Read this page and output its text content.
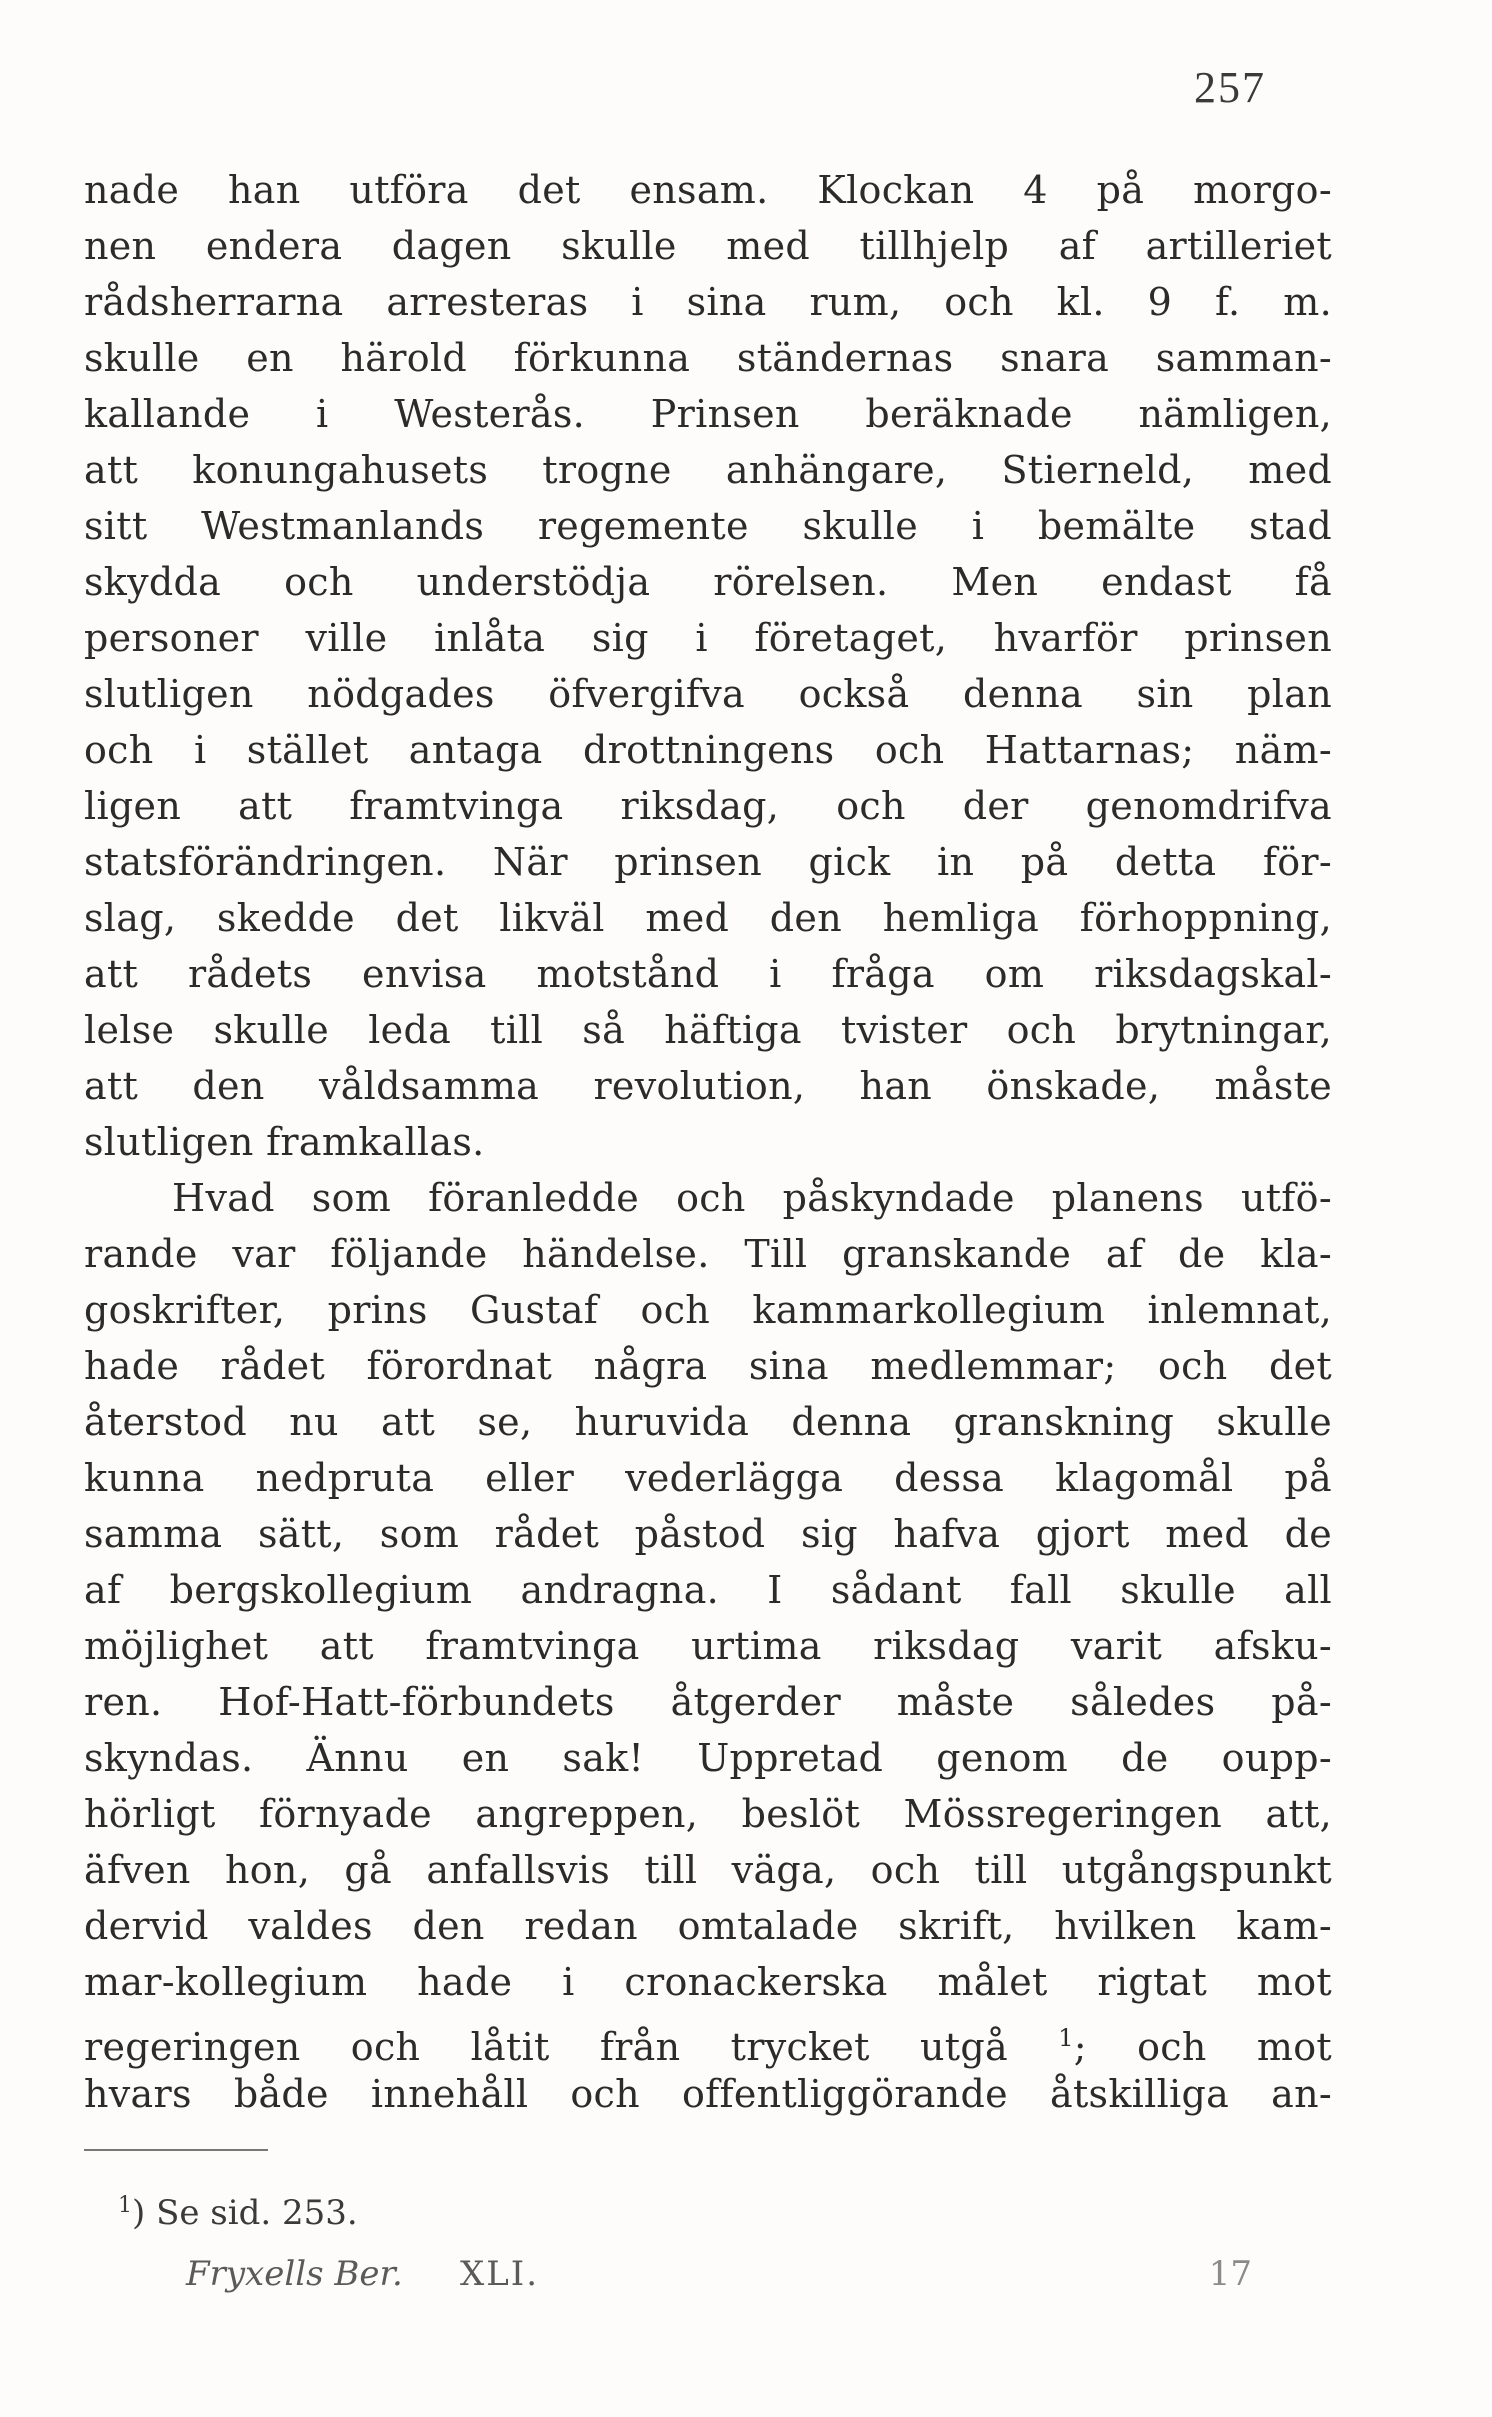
257
nade han utföra det ensam. Klockan 4 på morgo-
nen endera dagen skulle med tillhjelp af artilleriet
rådsherrarna arresteras i sina rum, och kl. 9 f. m.
skulle en härold förkunna ständernas snara samman-
kallande i Westerås. Prinsen beräknade nämligen,
att konungahusets trogne anhängare, Stierneld, med
sitt Westmanlands regemente skulle i bemälte stad
skydda och understödja rörelsen. Men endast få
personer ville inlåta sig i företaget, hvarför prinsen
slutligen nödgades öfvergifva också denna sin plan
och i stället antaga drottningens och Hattarnas; näm-
ligen att framtvinga riksdag, och der genomdrifva
statsförändringen. När prinsen gick in på detta för-
slag, skedde det likväl med den hemliga förhoppning,
att rådets envisa motstånd i fråga om riksdagskal-
lelse skulle leda till så häftiga tvister och brytningar,
att den våldsamma revolution, han önskade, måste
slutligen framkallas.
Hvad som föranledde och påskyndade planens utfö-
rande var följande händelse. Till granskande af de kla-
goskrifter, prins Gustaf och kammarkollegium inlemnat,
hade rådet förordnat några sina medlemmar; och det
återstod nu att se, huruvida denna granskning skulle
kunna nedpruta eller vederlägga dessa klagomål på
samma sätt, som rådet påstod sig hafva gjort med de
af bergskollegium andragna. I sådant fall skulle all
möjlighet att framtvinga urtima riksdag varit afsku-
ren. Hof-Hatt-förbundets åtgerder måste således på-
skyndas. Ännu en sak! Uppretad genom de oupp-
hörligt förnyade angreppen, beslöt Mössregeringen att,
äfven hon, gå anfallsvis till väga, och till utgångspunkt
dervid valdes den redan omtalade skrift, hvilken kam-
mar-kollegium hade i cronackerska målet rigtat mot
regeringen och låtit från trycket utgå $^1$; och mot
hvars både innehåll och offentliggörande åtskilliga an-
$^1$) Se sid. 253.
Fryxells Ber. XLI.	17
